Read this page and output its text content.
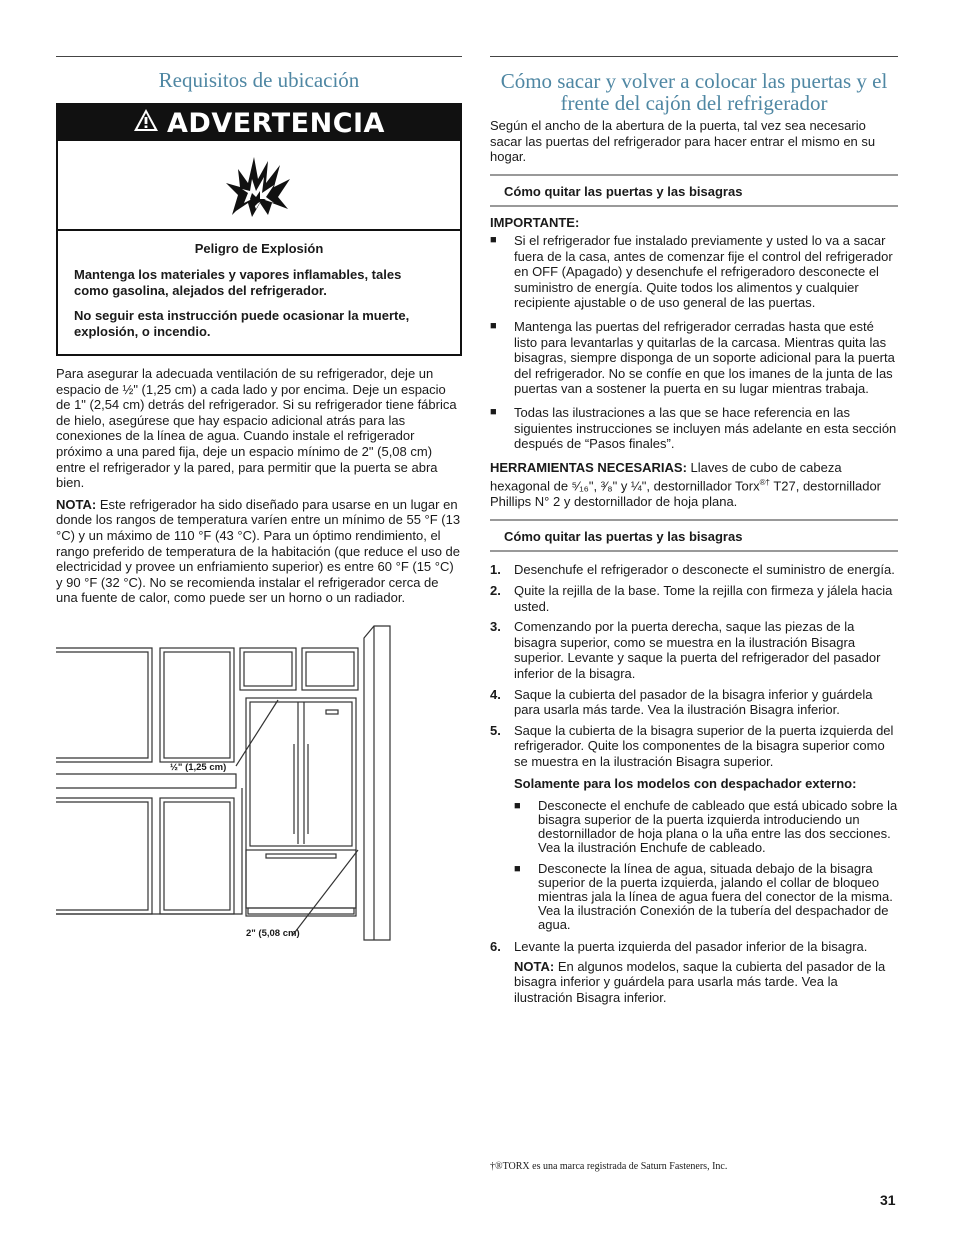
Requisitos de ubicación
ADVERTENCIA

Peligro de Explosión

Mantenga los materiales y vapores inflamables, tales como gasolina, alejados del refrigerador.

No seguir esta instrucción puede ocasionar la muerte, explosión, o incendio.

Para asegurar la adecuada ventilación de su refrigerador, deje un espacio de ½" (1,25 cm) a cada lado y por encima. Deje un espacio de 1" (2,54 cm) detrás del refrigerador. Si su refrigerador tiene fábrica de hielo, asegúrese que hay espacio adicional atrás para las conexiones de la línea de agua. Cuando instale el refrigerador próximo a una pared fija, deje un espacio mínimo de 2" (5,08 cm) entre el refrigerador y la pared, para permitir que la puerta se abra bien.

NOTA: Este refrigerador ha sido diseñado para usarse en un lugar en donde los rangos de temperatura varíen entre un mínimo de 55 °F (13 °C) y un máximo de 110 °F (43 °C). Para un óptimo rendimiento, el rango preferido de temperatura de la habitación (que reduce el uso de electricidad y provee un enfriamiento superior) es entre 60 °F (15 °C) y 90 °F (32 °C). No se recomienda instalar el refrigerador cerca de una fuente de calor, como puede ser un horno o un radiador.

½" (1,25 cm)
2" (5,08 cm)
Cómo sacar y volver a colocar las puertas y el frente del cajón del refrigerador

Según el ancho de la abertura de la puerta, tal vez sea necesario sacar las puertas del refrigerador para hacer entrar el mismo en su hogar.

Cómo quitar las puertas y las bisagras

IMPORTANTE:

■ Si el refrigerador fue instalado previamente y usted lo va a sacar fuera de la casa, antes de comenzar fije el control del refrigerador en OFF (Apagado) y desenchufe el refrigeradoro desconecte el suministro de energía. Quite todos los alimentos y cualquier recipiente ajustable o de uso general de las puertas.
■ Mantenga las puertas del refrigerador cerradas hasta que esté listo para levantarlas y quitarlas de la carcasa. Mientras quita las bisagras, siempre disponga de un soporte adicional para la puerta del refrigerador. No se confíe en que los imanes de la junta de las puertas van a sostener la puerta en su lugar mientras trabaja.
■ Todas las ilustraciones a las que se hace referencia en las siguientes instrucciones se incluyen más adelante en esta sección después de “Pasos finales”.

HERRAMIENTAS NECESARIAS: Llaves de cubo de cabeza hexagonal de ⁵⁄₁₆", ³⁄₈" y ¼", destornillador Torx®† T27, destornillador Phillips N° 2 y destornillador de hoja plana.

Cómo quitar las puertas y las bisagras
1. Desenchufe el refrigerador o desconecte el suministro de energía.
2. Quite la rejilla de la base. Tome la rejilla con firmeza y jálela hacia usted.
3. Comenzando por la puerta derecha, saque las piezas de la bisagra superior, como se muestra en la ilustración Bisagra superior. Levante y saque la puerta del refrigerador del pasador inferior de la bisagra.
4. Saque la cubierta del pasador de la bisagra inferior y guárdela para usarla más tarde. Vea la ilustración Bisagra inferior.
5. Saque la cubierta de la bisagra superior de la puerta izquierda del refrigerador. Quite los componentes de la bisagra superior como se muestra en la ilustración Bisagra superior.
Solamente para los modelos con despachador externo:
■ Desconecte el enchufe de cableado que está ubicado sobre la bisagra superior de la puerta izquierda introduciendo un destornillador de hoja plana o la uña entre las dos secciones. Vea la ilustración Enchufe de cableado.
■ Desconecte la línea de agua, situada debajo de la bisagra superior de la puerta izquierda, jalando el collar de bloqueo mientras jala la línea de agua fuera del conector de la misma. Vea la ilustración Conexión de la tubería del despachador de agua.
6. Levante la puerta izquierda del pasador inferior de la bisagra.
NOTA: En algunos modelos, saque la cubierta del pasador de la bisagra inferior y guárdela para usarla más tarde. Vea la ilustración Bisagra inferior.
†®TORX es una marca registrada de Saturn Fasteners, Inc.
31
